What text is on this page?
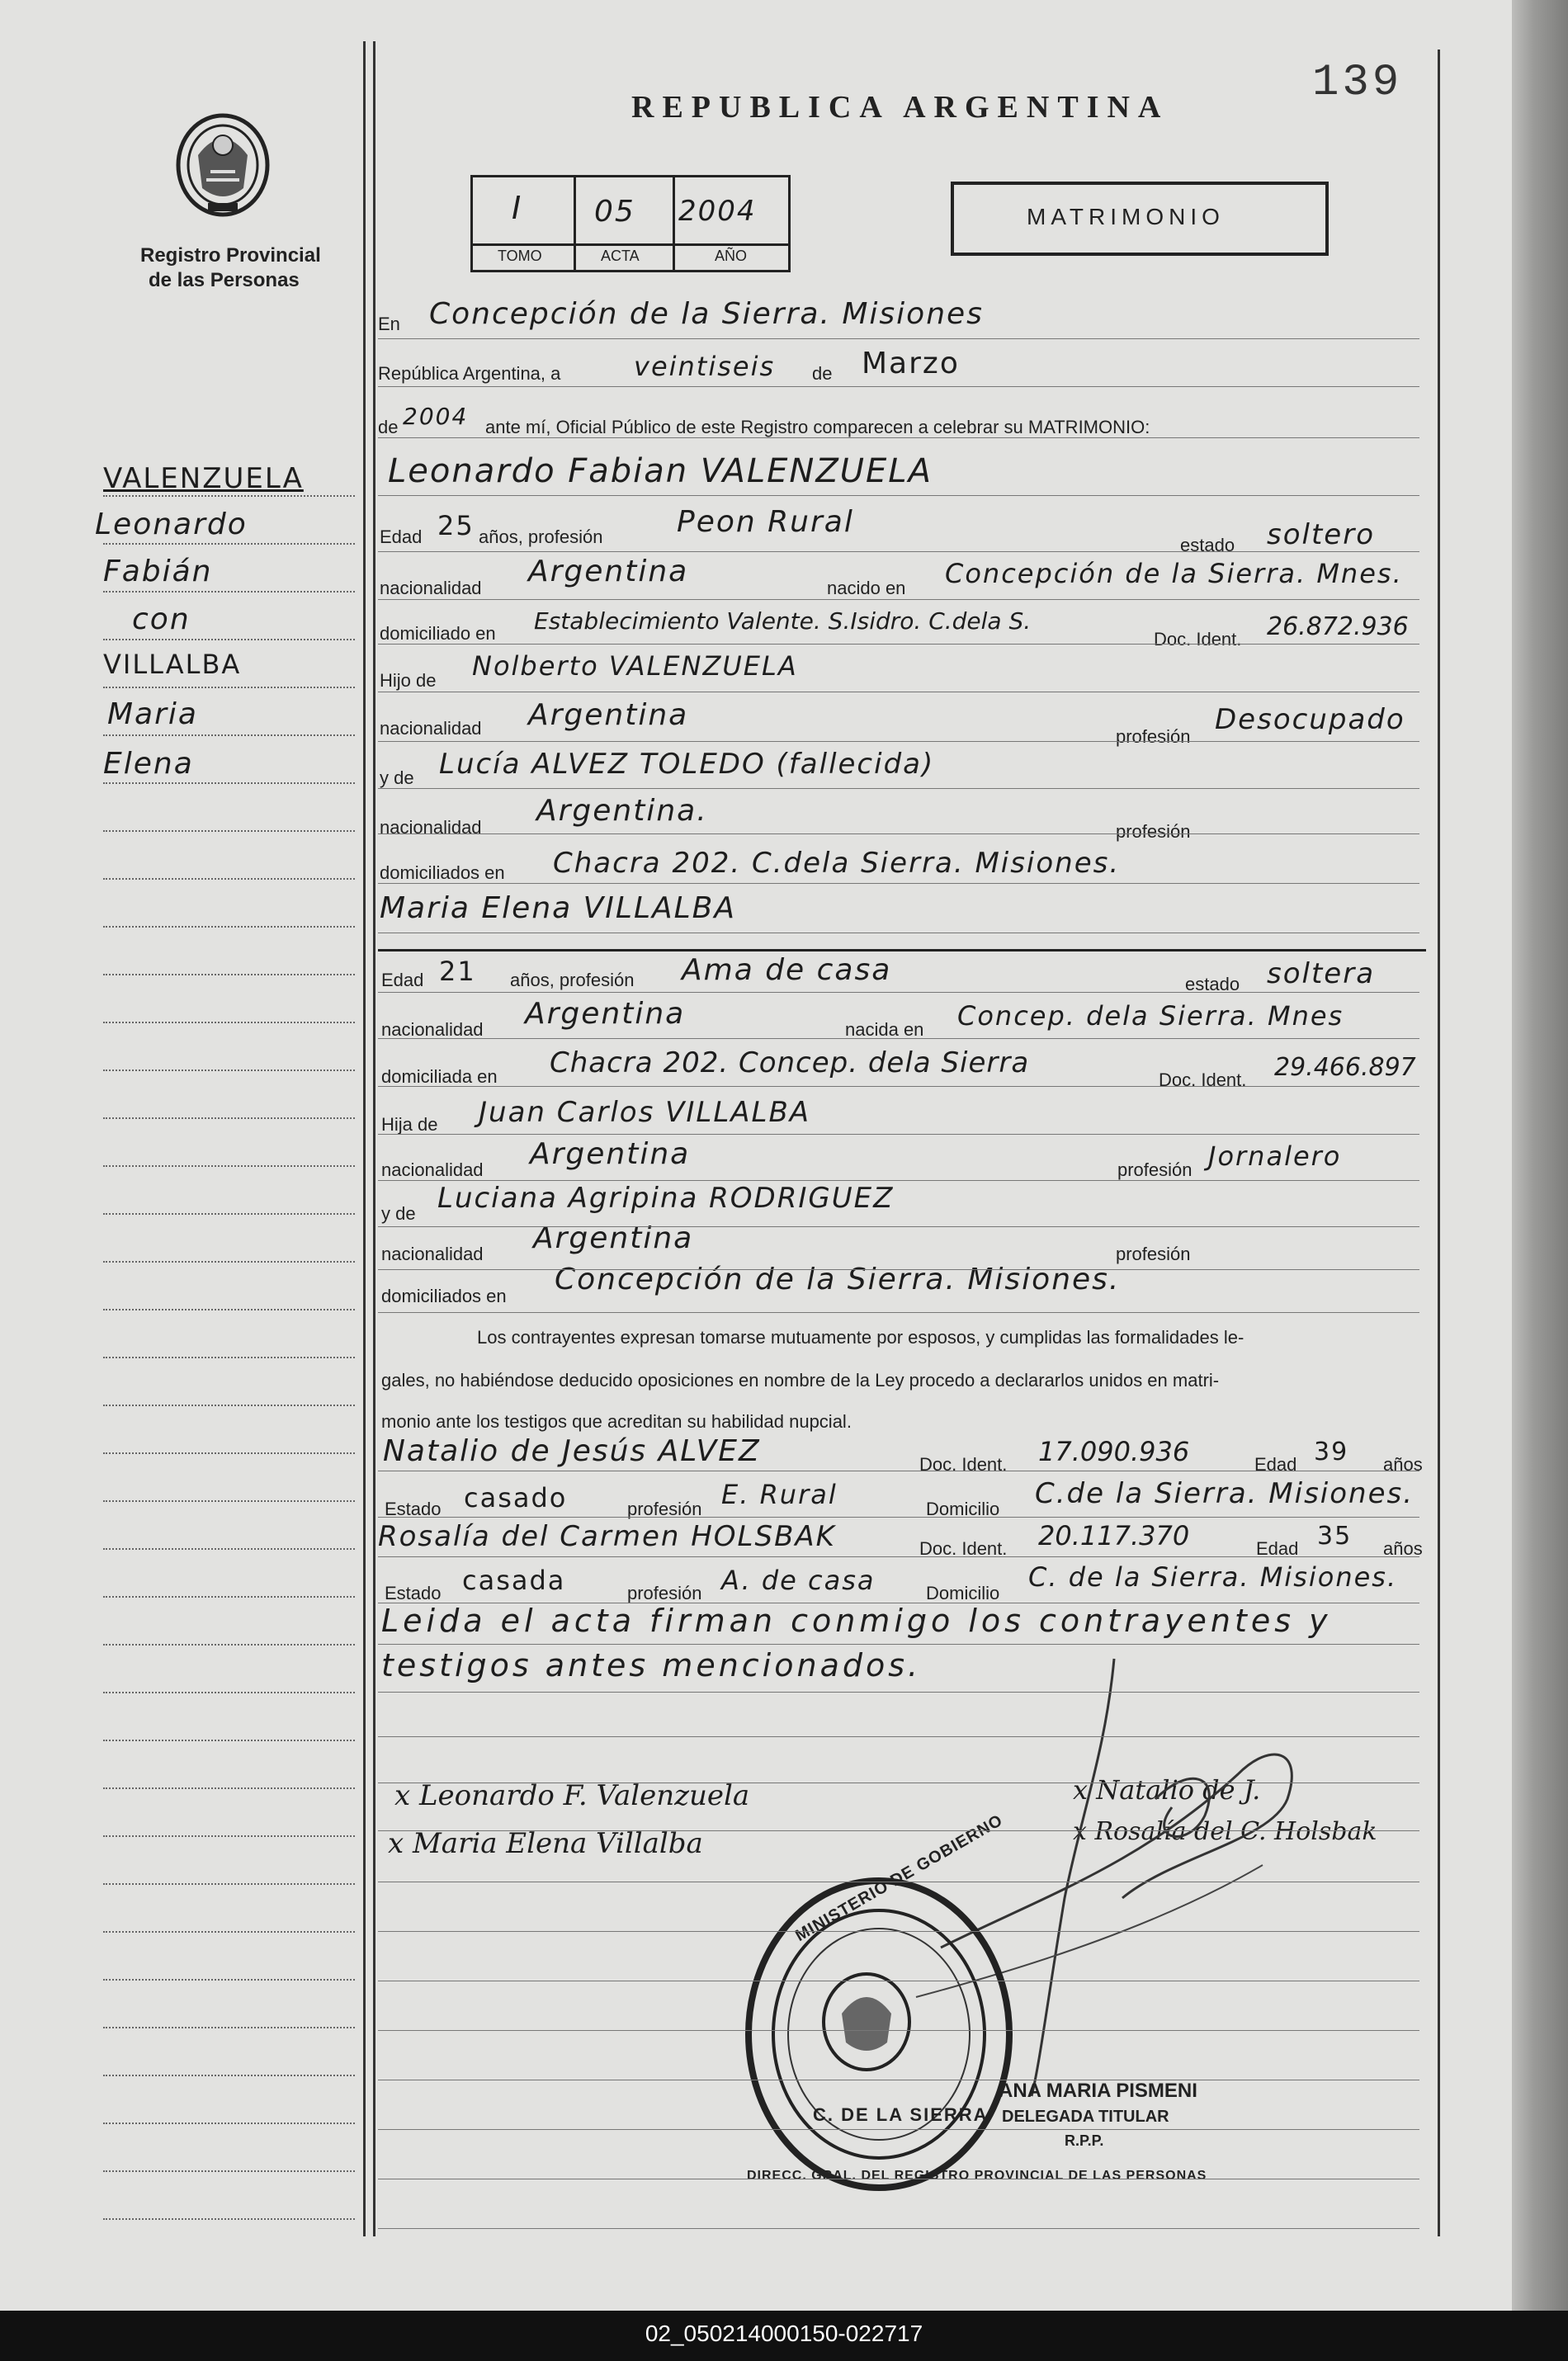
139
Registro Provincial
de las Personas
REPUBLICA ARGENTINA
I 05 2004
TOMO	ACTA	AÑO
MATRIMONIO
VALENZUELA
Leonardo
Fabián
con
VILLALBA
Maria
Elena
En Concepción de la Sierra. Misiones
República Argentina, a	veintiseis de Marzo
de 2004 ante mí, Oficial Público de este Registro comparecen a celebrar su MATRIMONIO:
Leonardo Fabian VALENZUELA
Edad 25 años, profesión Peon Rural
estado soltero
nacionalidad Argentina	nacido en Concepción de la Sierra. Mnes.
domiciliado en Establecimiento Valente. S.Isidro. C.dela S.
Doc. Ident. 26.872.936
Hijo de Nolberto VALENZUELA
nacionalidad Argentina
profesión
Desocupado
y de Lucía ALVEZ TOLEDO (fallecida)
nacionalidad Argentina.
profesión
domiciliados en Chacra 202. C.dela Sierra. Misiones.
Maria Elena VILLALBA
Edad 21 años, profesión Ama de casa	estado soltera
nacionalidad Argentina	nacida en Concep. dela Sierra. Mnes
domiciliada en Chacra 202. Concep. dela Sierra
Doc. Ident. 29.466.897
Hija de Juan Carlos VILLALBA
nacionalidad Argentina	profesión Jornalero
y de Luciana Agripina RODRIGUEZ
nacionalidad Argentina	profesión
domiciliados en Concepción de la Sierra. Misiones.
Los contrayentes expresan tomarse mutuamente por esposos, y cumplidas las formalidades le-
gales, no habiéndose deducido oposiciones en nombre de la Ley procedo a declararlos unidos en matri-
monio ante los testigos que acreditan su habilidad nupcial.
Natalio de Jesús ALVEZ	Doc. Ident. 17.090.936	Edad 39 años
Estado casado	profesión E. Rural	Domicilio C.de la Sierra. Misiones.
Rosalía del Carmen HOLSBAK	Doc. Ident. 20.117.370	Edad 35 años
Estado casada	profesión A. de casa	Domicilio
C. de la Sierra. Misiones.
Leida el acta firman conmigo los contrayentes y
testigos antes mencionados.
x Leonardo F. Valenzuela
x Maria Elena Villalba
x Natalio de J.
x Rosalía del C. Holsbak
MINISTERIO DE GOBIERNO
C. DE LA SIERRA
DIRECC. GRAL. DEL REGISTRO PROVINCIAL DE LAS PERSONAS
ANA MARIA PISMENI
DELEGADA TITULAR
R.P.P.
02_050214000150-022717
